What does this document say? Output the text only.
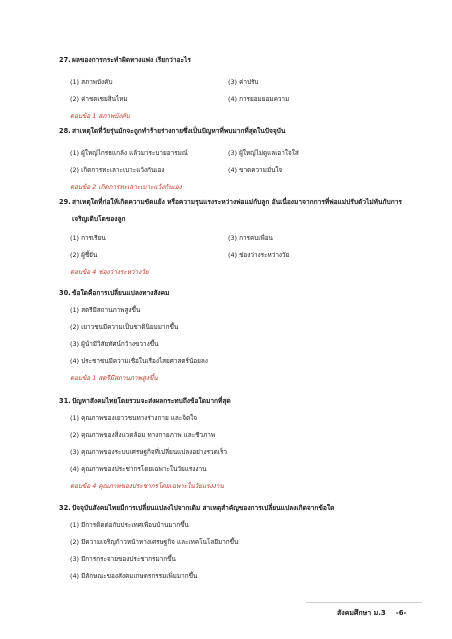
27. ผลของการกระทำผิดทางแพ่ง เรียกว่าอะไร
(1) สภาพบังคับ
(2) ค่าชดเชยสินไหม
(3) ค่าปรับ
(4) การยอมยอมความ
ตอบข้อ 1 สภาพบังคับ
28. สาเหตุใดที่วัยรุ่นมักจะถูกทำร้ายร่างกายซึ่งเป็นปัญหาที่พบมากที่สุดในปัจจุบัน
(1) ผู้ใหญ่ไกรธแกล้ง แล้วมาระบายอารมณ์
(2) เกิดการทะเลาะเบาะแว้งกันเอง
(3) ผู้ใหญ่ไม่ดูแลเอาใจใส่
(4) ขาดความมั่นใจ
ตอบข้อ 2 เกิดการทะเลาะเบาะแว้งกันเอง
29. สาเหตุใดที่ก่อให้เกิดความขัดแย้ง หรือความรุนแรงระหว่างพ่อแม่กับลูก อันเนื่องมาจากการที่พ่อแม่ปรับตัวไม่ทันกับการเจริญเติบโตของลูก
(1) การเรียน
(2) ผู้ชี้ยั่น
(3) การคบเพื่อน
(4) ช่องว่างระหว่างวัย
ตอบข้อ 4 ช่องว่างระหว่างวัย
30. ข้อใดคือการเปลี่ยนแปลงทางสังคม
(1) สตรีมีสถานภาพสูงขึ้น
(2) เยาวชนมีความเป็นชาตินิยมมากขึ้น
(3) ผู้นำมีวิสัยทัศน์กว้างขวางขึ้น
(4) ประชาชนมีความเชื่อในเรื่องไสยศาสตร์น้อยลง
ตอบข้อ 1 สตรีมีสถานภาพสูงขึ้น
31. ปัญหาสังคมไทยโดยรวมจะส่งผลกระทบถึงข้อใดมากที่สุด
(1) คุณภาพของเยาวชนทางร่างกาย และจิตใจ
(2) คุณภาพของสิ่งแวดล้อม ทางกายภาพ และชีวภาพ
(3) คุณภาพของระบบเศรษฐกิจที่เปลี่ยนแปลงอย่างรวดเร็ว
(4) คุณภาพของประชากรโดยเฉพาะในวัยแรงงาน
ตอบข้อ 4 คุณภาพของประชากรโดยเฉพาะในวัยแรงงาน
32. ปัจจุบันสังคมไทยมีการเปลี่ยนแปลงไปจากเดิม สาเหตุสำคัญของการเปลี่ยนแปลงเกิดจากข้อใด
(1) มีการติดต่อกับประเทศเพื่อนบ้านมากขึ้น
(2) มีความเจริญก้าวหน้าทางเศรษฐกิจ และเทคโนโลยีมากขึ้น
(3) มีการกระจายของประชากรมากขึ้น
(4) มีลักษณะของสังคมเกษตรกรรมเพิ่มมากขึ้น
สังคมศึกษา ม.3 -6-
